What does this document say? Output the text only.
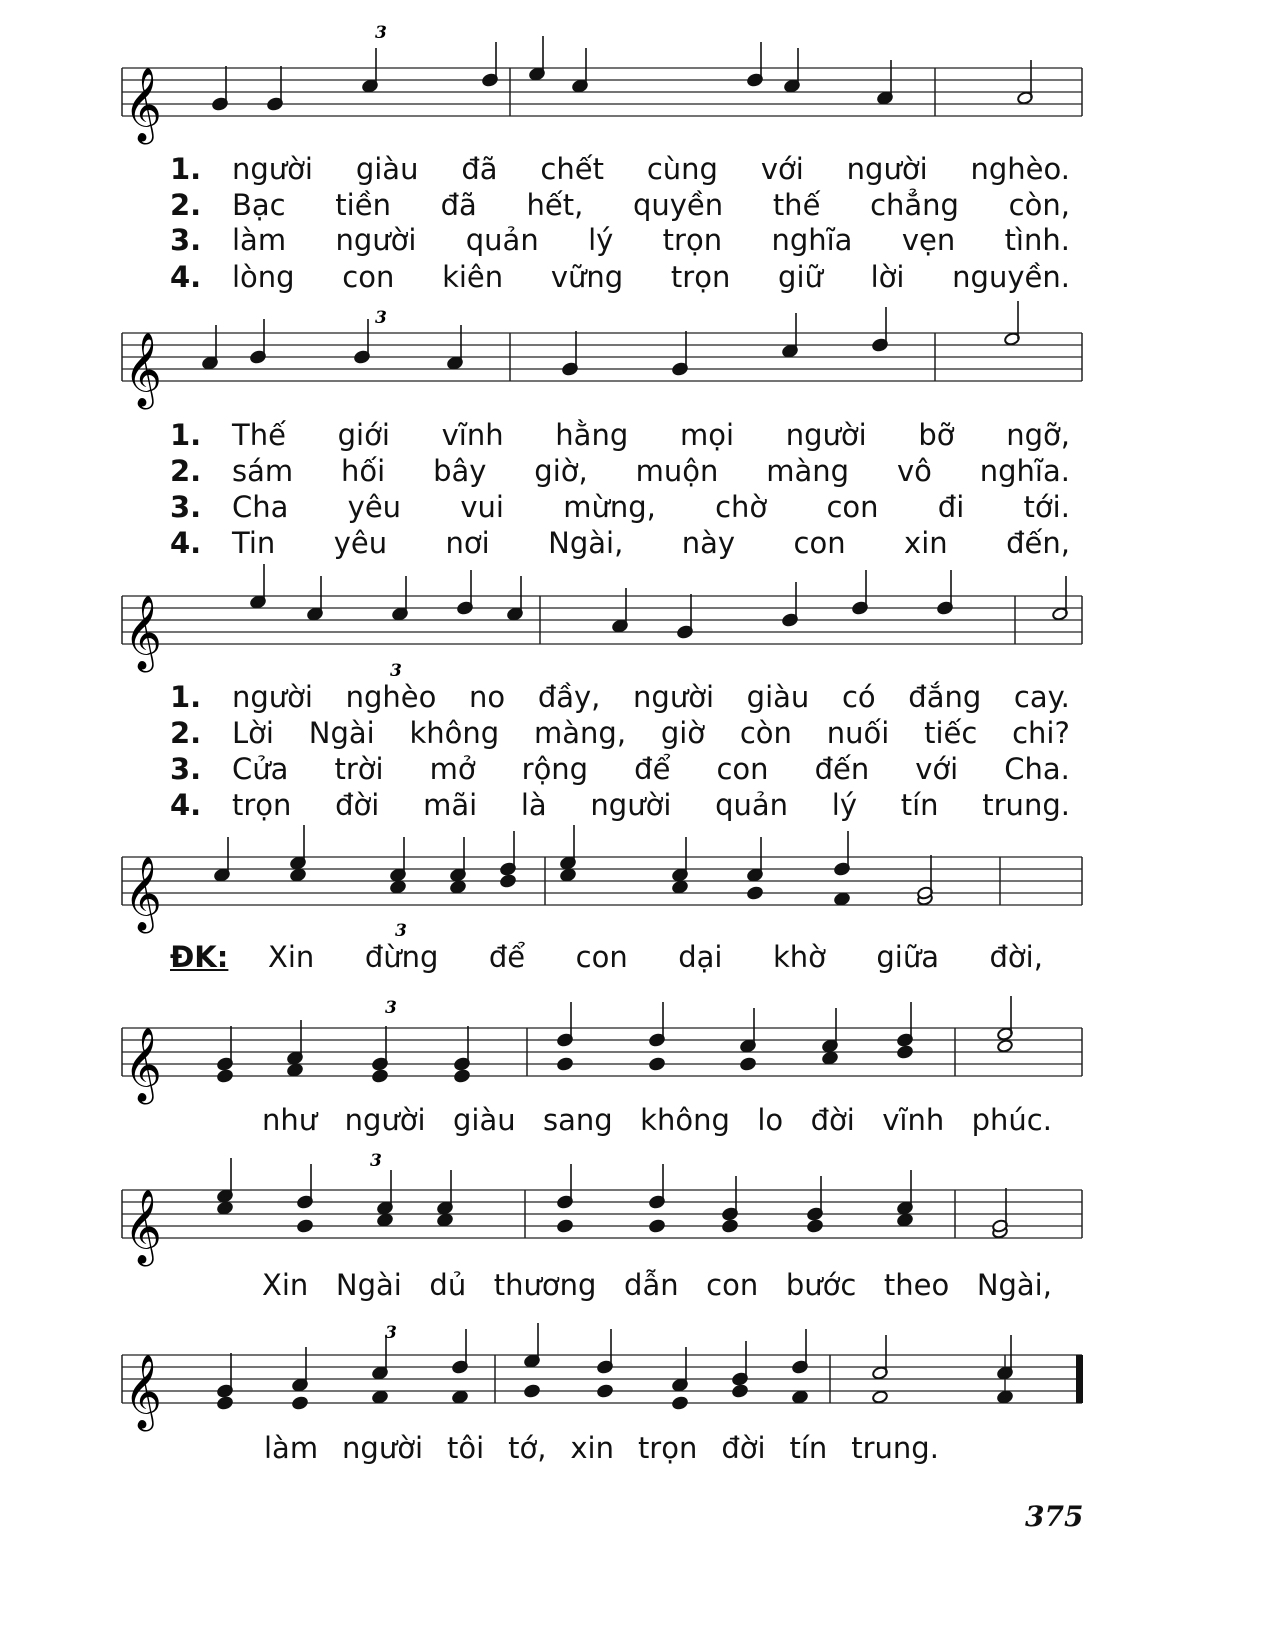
𝄞
3
𝄞
3
𝄞
3
𝄞	3
𝄞
3
𝄞
3
𝄞
3
1.	người giàu đã chết cùng với người nghèo.
2.	Bạc tiền đã hết, quyền thế chẳng còn,
3.	làm người quản lý trọn nghĩa vẹn tình.
4.	lòng con kiên vững trọn giữ lời nguyền.
1.	Thế giới vĩnh hằng mọi người bỡ ngỡ,
2.	sám hối bây giờ, muộn màng vô nghĩa.
3.	Cha yêu vui mừng, chờ con đi tới.
4.	Tin yêu nơi Ngài, này con xin đến,
1.	người nghèo no đầy, người giàu có đắng cay.
2.	Lời Ngài không màng, giờ còn nuối tiếc chi?
3.	Cửa trời mở rộng để con đến với Cha.
4.	trọn đời mãi là người quản lý tín trung.
ĐK: Xin đừng để con dại khờ giữa đời,
như người giàu sang không lo đời vĩnh phúc.
Xin Ngài dủ thương dẫn con bước theo Ngài,
làm người tôi tớ, xin trọn đời tín trung.
375
